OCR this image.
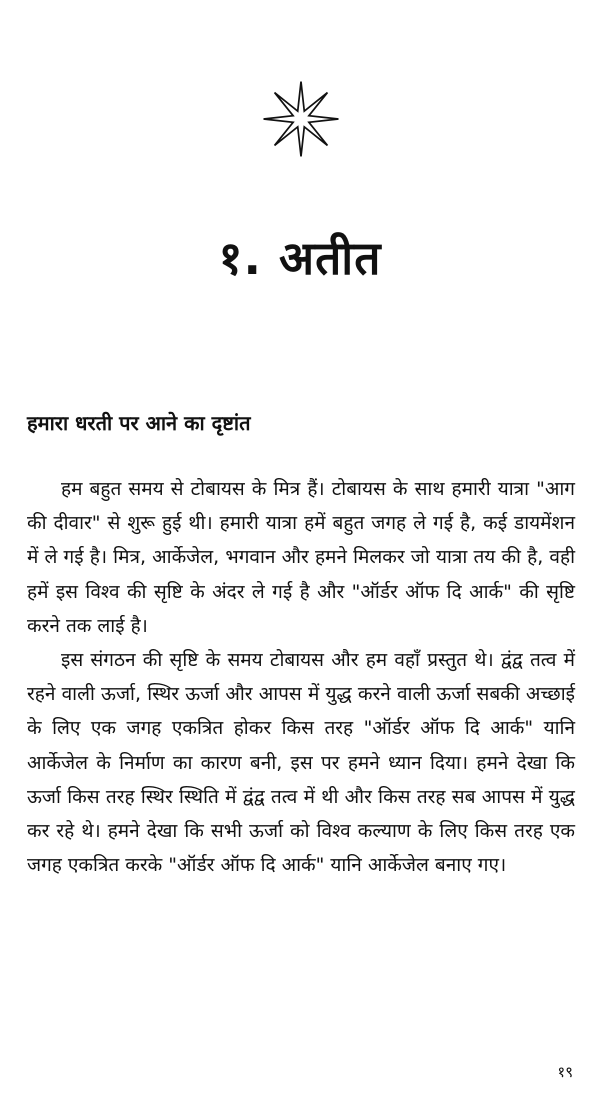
१. अतीत
हमारा धरती पर आने का दृष्टांत

हम बहुत समय से टोबायस के मित्र हैं। टोबायस के साथ हमारी यात्रा "आग की दीवार" से शुरू हुई थी। हमारी यात्रा हमें बहुत जगह ले गई है, कई डायमेंशन में ले गई है। मित्र, आर्केजेल, भगवान और हमने मिलकर जो यात्रा तय की है, वही हमें इस विश्व की सृष्टि के अंदर ले गई है और "ऑर्डर ऑफ दि आर्क" की सृष्टि करने तक लाई है।

इस संगठन की सृष्टि के समय टोबायस और हम वहाँ प्रस्तुत थे। द्वंद्व तत्व में रहने वाली ऊर्जा, स्थिर ऊर्जा और आपस में युद्ध करने वाली ऊर्जा सबकी अच्छाई के लिए एक जगह एकत्रित होकर किस तरह "ऑर्डर ऑफ दि आर्क" यानि आर्केजेल के निर्माण का कारण बनी, इस पर हमने ध्यान दिया। हमने देखा कि ऊर्जा किस तरह स्थिर स्थिति में द्वंद्व तत्व में थी और किस तरह सब आपस में युद्ध कर रहे थे। हमने देखा कि सभी ऊर्जा को विश्व कल्याण के लिए किस तरह एक जगह एकत्रित करके "ऑर्डर ऑफ दि आर्क" यानि आर्केजेल बनाए गए।

१९
